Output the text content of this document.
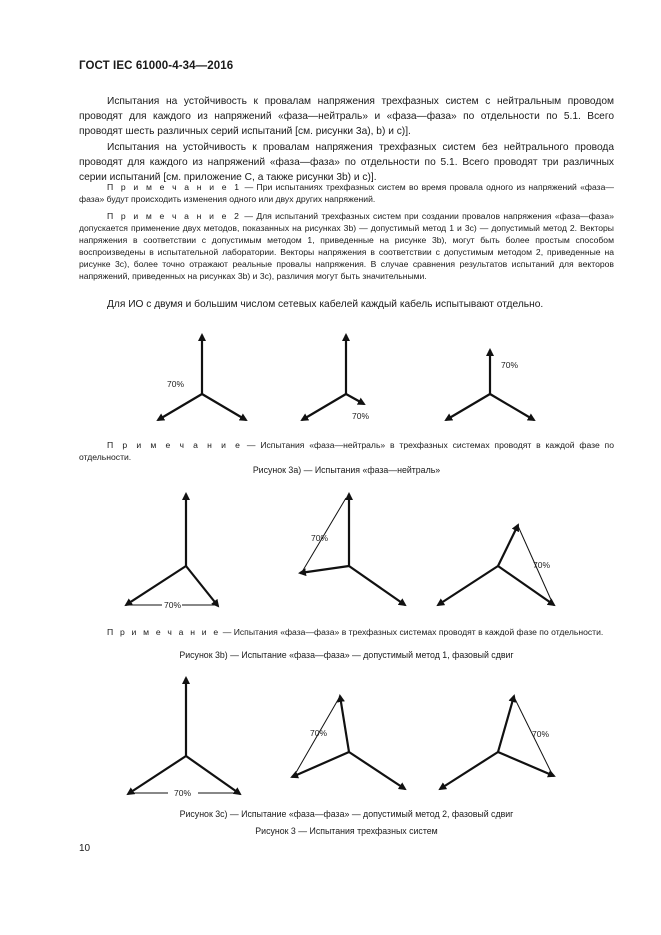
ГОСТ IEC 61000-4-34—2016
Испытания на устойчивость к провалам напряжения трехфазных систем с нейтральным проводом проводят для каждого из напряжений «фаза—нейтраль» и «фаза—фаза» по отдельности по 5.1. Всего проводят шесть различных серий испытаний [см. рисунки 3а), b) и с)].
Испытания на устойчивость к провалам напряжения трехфазных систем без нейтрального провода проводят для каждого из напряжений «фаза—фаза» по отдельности по 5.1. Всего проводят три различных серии испытаний [см. приложение С, а также рисунки 3b) и с)].
П р и м е ч а н и е 1 — При испытаниях трехфазных систем во время провала одного из напряжений «фаза—фаза» будут происходить изменения одного или двух других напряжений.
П р и м е ч а н и е 2 — Для испытаний трехфазных систем при создании провалов напряжения «фаза—фаза» допускается применение двух методов, показанных на рисунках 3b) — допустимый метод 1 и 3с) — допустимый метод 2. Векторы напряжения в соответствии с допустимым методом 1, приведенные на рисунке 3b), могут быть более простым способом воспроизведены в испытательной лаборатории. Векторы напряжения в соответствии с допустимым методом 2, приведенные на рисунке 3с), более точно отражают реальные провалы напряжения. В случае сравнения результатов испытаний для векторов напряжений, приведенных на рисунках 3b) и 3с), различия могут быть значительными.
Для ИО с двумя и большим числом сетевых кабелей каждый кабель испытывают отдельно.
70%
70%
70%
П р и м е ч а н и е — Испытания «фаза—нейтраль» в трехфазных системах проводят в каждой фазе по отдельности.
Рисунок 3а) — Испытания «фаза—нейтраль»
70%
70%
70%
П р и м е ч а н и е — Испытания «фаза—фаза» в трехфазных системах проводят в каждой фазе по отдельности.
Рисунок 3b) — Испытание «фаза—фаза» — допустимый метод 1, фазовый сдвиг
70%
70%	70%
Рисунок 3с) — Испытание «фаза—фаза» — допустимый метод 2, фазовый сдвиг
Рисунок 3 — Испытания трехфазных систем
10
